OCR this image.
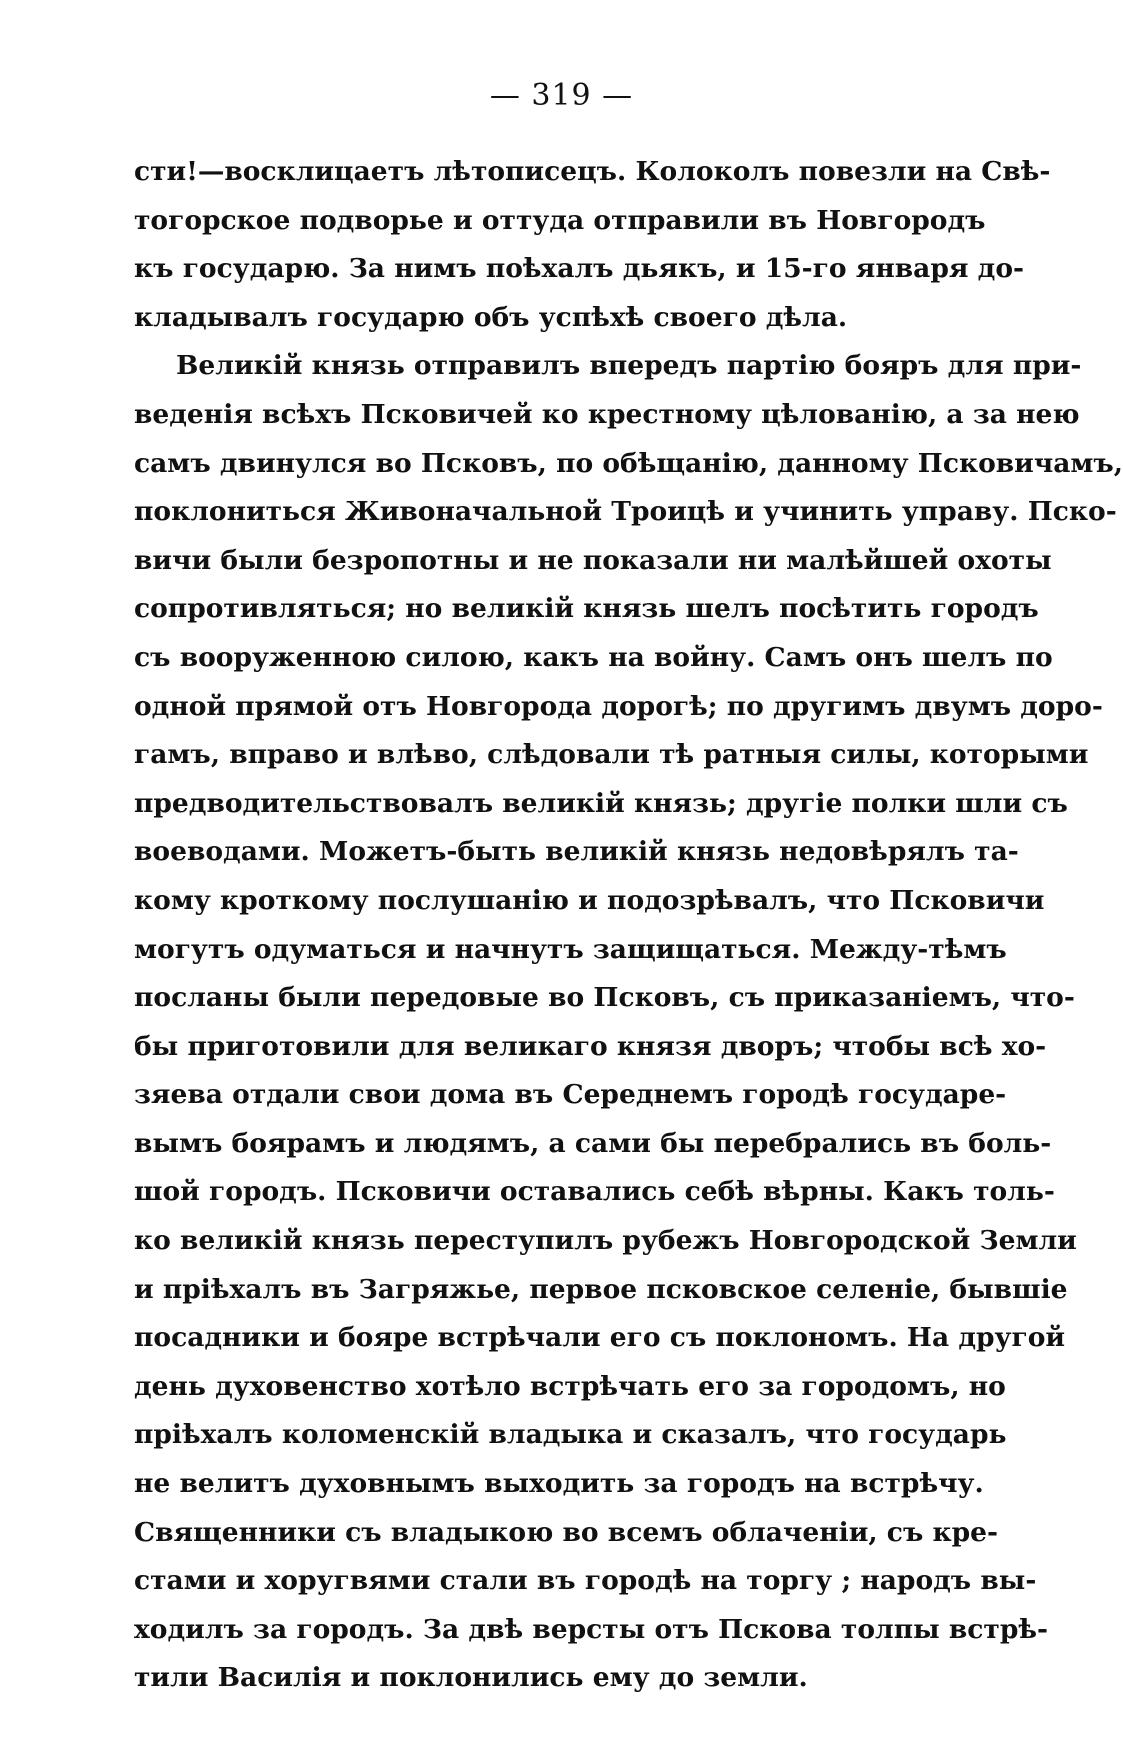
— 319 —
сти!—восклицаетъ лѣтописецъ. Колоколъ повезли на Свѣ-
тогорское подворье и оттуда отправили въ Новгородъ
къ государю. За нимъ поѣхалъ дьякъ, и 15-го января до-
кладывалъ государю объ успѣхѣ своего дѣла.
Великій князь отправилъ впередъ партію бояръ для при-
веденія всѣхъ Псковичей ко крестному цѣлованію, а за нею
самъ двинулся во Псковъ, по обѣщанію, данному Псковичамъ,
поклониться Живоначальной Троицѣ и учинить управу. Пско-
вичи были безропотны и не показали ни малѣйшей охоты
сопротивляться; но великій князь шелъ посѣтить городъ
съ вооруженною силою, какъ на войну. Самъ онъ шелъ по
одной прямой отъ Новгорода дорогѣ; по другимъ двумъ доро-
гамъ, вправо и влѣво, слѣдовали тѣ ратныя силы, которыми
предводительствовалъ великій князь; другіе полки шли съ
воеводами. Можетъ-быть великій князь недовѣрялъ та-
кому кроткому послушанію и подозрѣвалъ, что Псковичи
могутъ одуматься и начнутъ защищаться. Между-тѣмъ
посланы были передовые во Псковъ, съ приказаніемъ, что-
бы приготовили для великаго князя дворъ; чтобы всѣ хо-
зяева отдали свои дома въ Середнемъ городѣ государе-
вымъ боярамъ и людямъ, а сами бы перебрались въ боль-
шой городъ. Псковичи оставались себѣ вѣрны. Какъ толь-
ко великій князь переступилъ рубежъ Новгородской Земли
и пріѣхалъ въ Загряжье, первое псковское селеніе, бывшіе
посадники и бояре встрѣчали его съ поклономъ. На другой
день духовенство хотѣло встрѣчать его за городомъ, но
пріѣхалъ коломенскій владыка и сказалъ, что государь
не велитъ духовнымъ выходить за городъ на встрѣчу.
Священники съ владыкою во всемъ облаченіи, съ кре-
стами и хоругвями стали въ городѣ на торгу ; народъ вы-
ходилъ за городъ. За двѣ версты отъ Пскова толпы встрѣ-
тили Василія и поклонились ему до земли.
